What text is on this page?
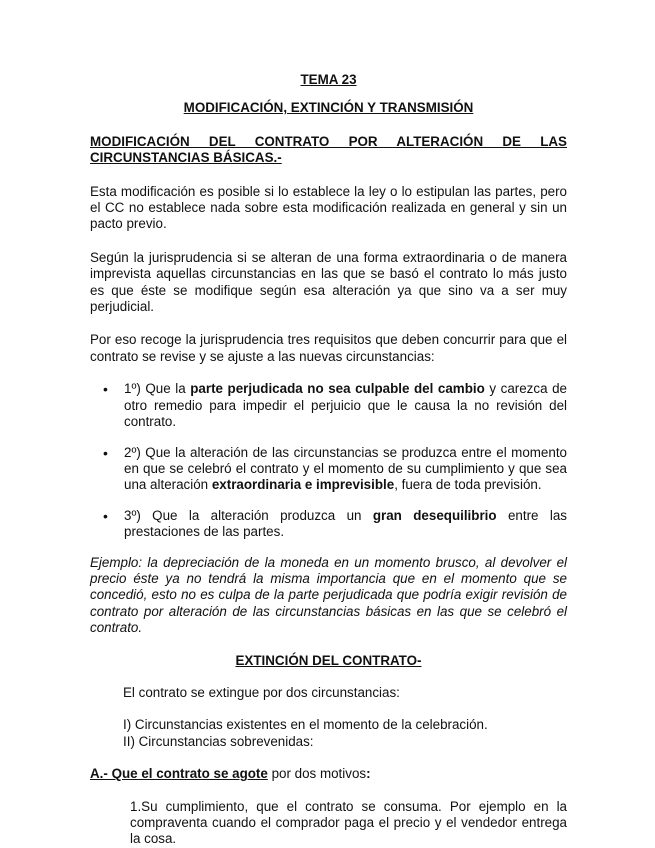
TEMA 23
MODIFICACIÓN, EXTINCIÓN Y TRANSMISIÓN
MODIFICACIÓN DEL CONTRATO POR ALTERACIÓN DE LAS
CIRCUNSTANCIAS BÁSICAS.-
Esta modificación es posible si lo establece la ley o lo estipulan las partes, pero el CC no establece nada sobre esta modificación realizada en general y sin un pacto previo.
Según la jurisprudencia si se alteran de una forma extraordinaria o de manera imprevista aquellas circunstancias en las que se basó el contrato lo más justo es que éste se modifique según esa alteración ya que sino va a ser muy perjudicial.
Por eso recoge la jurisprudencia tres requisitos que deben concurrir para que el contrato se revise y se ajuste a las nuevas circunstancias:
• 1º) Que la parte perjudicada no sea culpable del cambio y carezca de otro remedio para impedir el perjuicio que le causa la no revisión del contrato.
• 2º) Que la alteración de las circunstancias se produzca entre el momento en que se celebró el contrato y el momento de su cumplimiento y que sea una alteración extraordinaria e imprevisible, fuera de toda previsión.
• 3º) Que la alteración produzca un gran desequilibrio entre las prestaciones de las partes.
Ejemplo: la depreciación de la moneda en un momento brusco, al devolver el precio éste ya no tendrá la misma importancia que en el momento que se concedió, esto no es culpa de la parte perjudicada que podría exigir revisión de contrato por alteración de las circunstancias básicas en las que se celebró el contrato.
EXTINCIÓN DEL CONTRATO-
El contrato se extingue por dos circunstancias:
I) Circunstancias existentes en el momento de la celebración.
II) Circunstancias sobrevenidas:
A.- Que el contrato se agote por dos motivos:
1.Su cumplimiento, que el contrato se consuma. Por ejemplo en la compraventa cuando el comprador paga el precio y el vendedor entrega la cosa.
